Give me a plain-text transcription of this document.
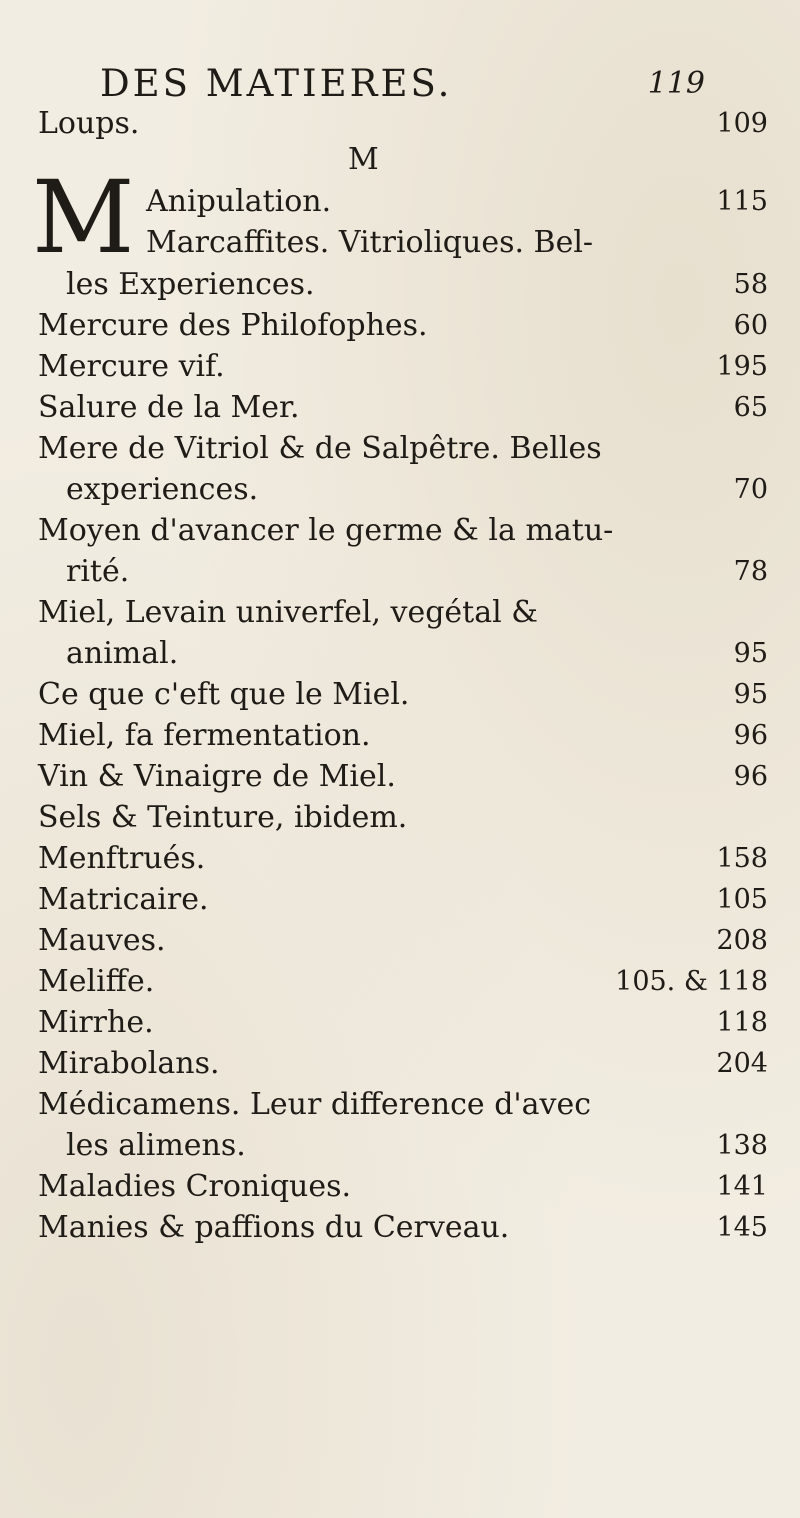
DES MATIERES.	119
Loups.	109
M
M Anipulation.	115
Marcaffites. Vitrioliques. Bel-
les Experiences.	58
Mercure des Philofophes.	60
Mercure vif.	195
Salure de la Mer.	65
Mere de Vitriol & de Salpêtre. Belles
experiences.	70
Moyen d'avancer le germe & la matu-
rité.	78
Miel, Levain univerfel, vegétal &
animal.	95
Ce que c'eft que le Miel.	95
Miel, fa fermentation.	96
Vin & Vinaigre de Miel.	96
Sels & Teinture, ibidem.
Menftrués.	158
Matricaire.	105
Mauves.	208
Meliffe.	105. & 118
Mirrhe.	118
Mirabolans.	204
Médicamens. Leur difference d'avec
les alimens.	138
Maladies Croniques.	141
Manies & paffions du Cerveau.	145
